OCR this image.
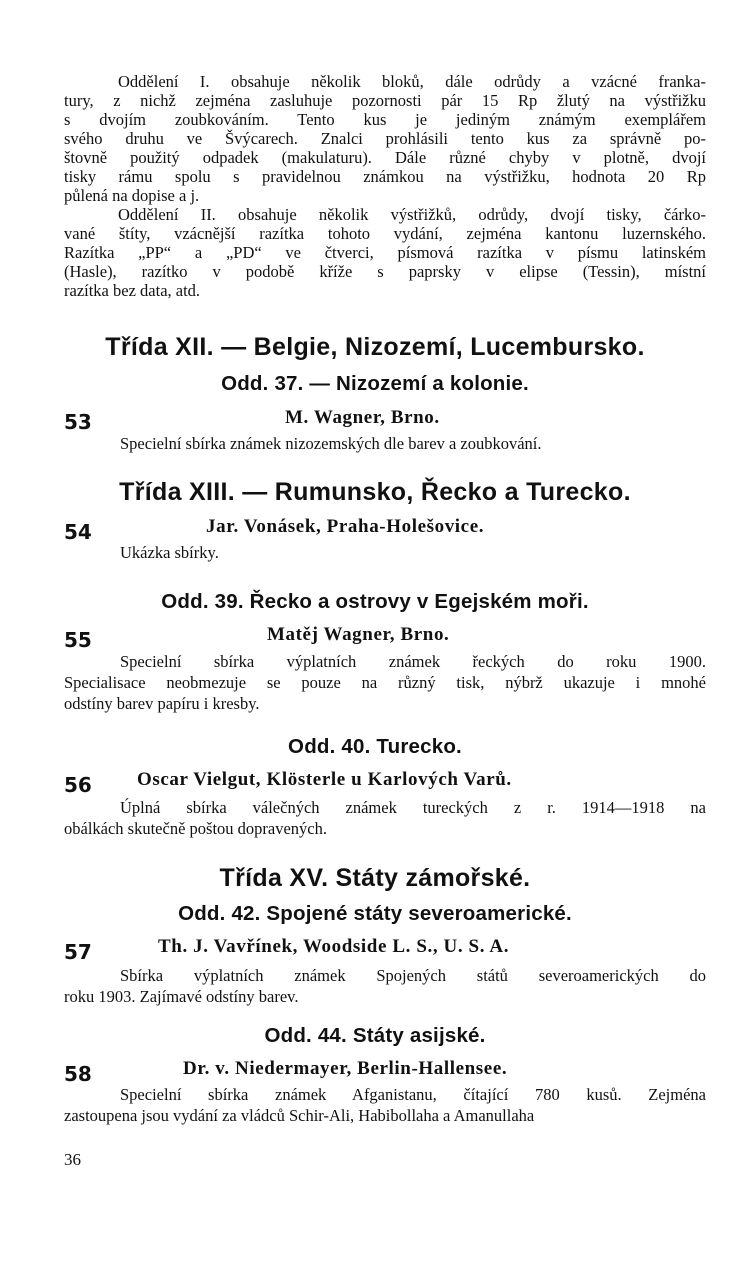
Oddělení I. obsahuje několik bloků, dále odrůdy a vzácné franka-
tury, z nichž zejména zasluhuje pozornosti pár 15 Rp žlutý na výstřižku
s dvojím zoubkováním. Tento kus je jediným známým exemplářem
svého druhu ve Švýcarech. Znalci prohlásili tento kus za správně po-
štovně použitý odpadek (makulaturu). Dále různé chyby v plotně, dvojí
tisky rámu spolu s pravidelnou známkou na výstřižku, hodnota 20 Rp
půlená na dopise a j.
Oddělení II. obsahuje několik výstřižků, odrůdy, dvojí tisky, čárko-
vané štíty, vzácnější razítka tohoto vydání, zejména kantonu luzernského.
Razítka „PP“ a „PD“ ve čtverci, písmová razítka v písmu latinském
(Hasle), razítko v podobě kříže s paprsky v elipse (Tessin), místní
razítka bez data, atd.
Třída XII. — Belgie, Nizozemí, Lucembursko.
Odd. 37. — Nizozemí a kolonie.
53	M. Wagner, Brno.
Specielní sbírka známek nizozemských dle barev a zoubkování.
Třída XIII. — Rumunsko, Řecko a Turecko.
54	Jar. Vonásek, Praha-Holešovice.
Ukázka sbírky.
Odd. 39. Řecko a ostrovy v Egejském moři.
55	Matěj Wagner, Brno.
Specielní sbírka výplatních známek řeckých do roku 1900.
Specialisace neobmezuje se pouze na různý tisk, nýbrž ukazuje i mnohé
odstíny barev papíru i kresby.
Odd. 40. Turecko.
56 Oscar Vielgut, Klösterle u Karlových Varů.
Úplná sbírka válečných známek tureckých z r. 1914—1918 na
obálkách skutečně poštou dopravených.
Třída XV. Státy zámořské.
Odd. 42. Spojené státy severoamerické.
57	Th. J. Vavřínek, Woodside L. S., U. S. A.
Sbírka výplatních známek Spojených států severoamerických do
roku 1903. Zajímavé odstíny barev.
Odd. 44. Státy asijské.
58	Dr. v. Niedermayer, Berlin-Hallensee.
Specielní sbírka známek Afganistanu, čítající 780 kusů. Zejména
zastoupena jsou vydání za vládců Schir-Ali, Habibollaha a Amanullaha
36
